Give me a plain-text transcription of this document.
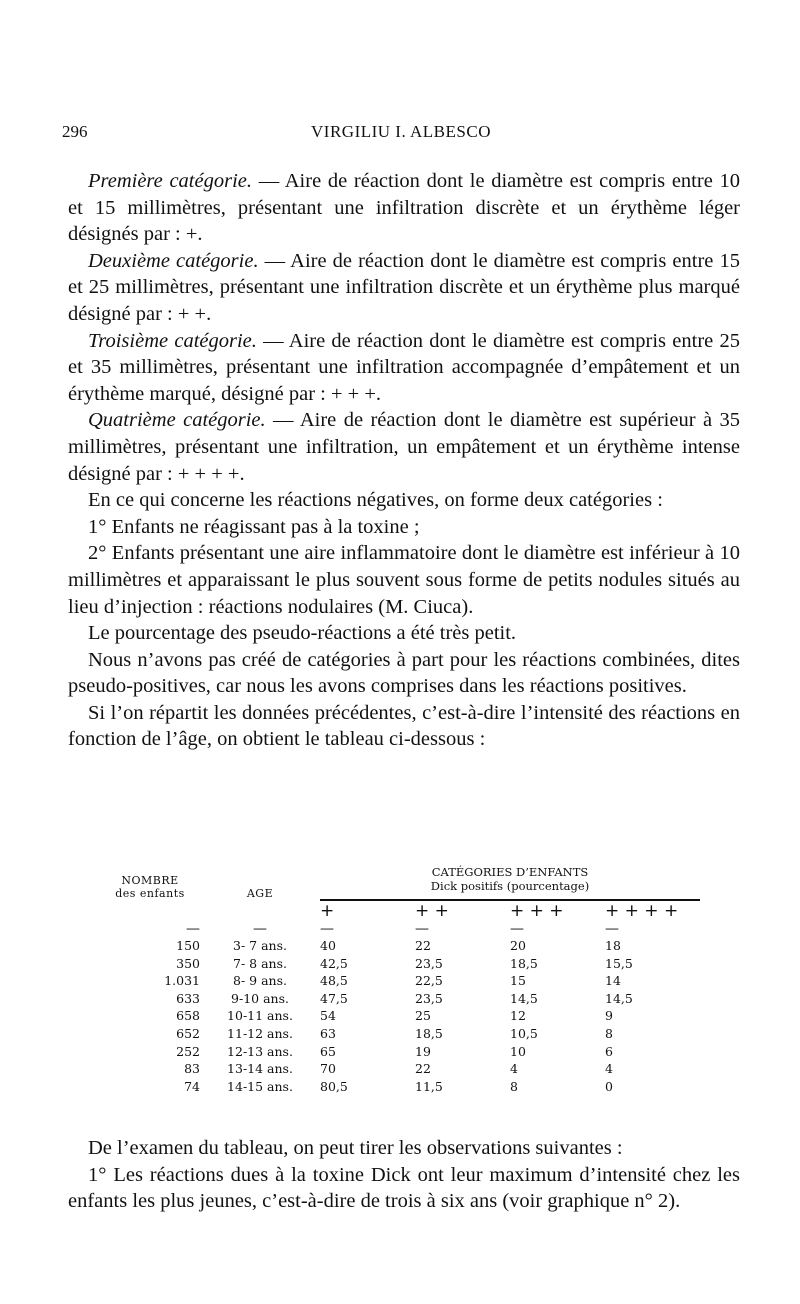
296	VIRGILIU I. ALBESCO

Première catégorie. — Aire de réaction dont le diamètre est compris entre 10 et 15 millimètres, présentant une infiltration discrète et un érythème léger désignés par : +.

Deuxième catégorie. — Aire de réaction dont le diamètre est compris entre 15 et 25 millimètres, présentant une infiltration discrète et un érythème plus marqué désigné par : + +.

Troisième catégorie. — Aire de réaction dont le diamètre est compris entre 25 et 35 millimètres, présentant une infiltration accompagnée d’empâtement et un érythème marqué, désigné par : + + +.

Quatrième catégorie. — Aire de réaction dont le diamètre est supérieur à 35 millimètres, présentant une infiltration, un empâtement et un érythème intense désigné par : + + + +.

En ce qui concerne les réactions négatives, on forme deux catégories :

1° Enfants ne réagissant pas à la toxine ;

2° Enfants présentant une aire inflammatoire dont le diamètre est inférieur à 10 millimètres et apparaissant le plus souvent sous forme de petits nodules situés au lieu d’injection : réactions nodulaires (M. Ciuca).

Le pourcentage des pseudo-réactions a été très petit.

Nous n’avons pas créé de catégories à part pour les réactions combinées, dites pseudo-positives, car nous les avons comprises dans les réactions positives.

Si l’on répartit les données précédentes, c’est-à-dire l’intensité des réactions en fonction de l’âge, on obtient le tableau ci-dessous :

NOMBRE
des enfants	AGE	CATÉGORIES D’ENFANTS			
		Dick positifs (pourcentage)			
		+	+ +	+ + +	+ + + +
—	—	—	—	—	—
150	3- 7 ans.	40	22	20	18
350	7- 8 ans.	42,5	23,5	18,5	15,5
1.031	8- 9 ans.	48,5	22,5	15	14
633	9-10 ans.	47,5	23,5	14,5	14,5
658	10-11 ans.	54	25	12	9
652	11-12 ans.	63	18,5	10,5	8
252	12-13 ans.	65	19	10	6
83	13-14 ans.	70	22	4	4
74	14-15 ans.	80,5	11,5	8	0

De l’examen du tableau, on peut tirer les observations suivantes :

1° Les réactions dues à la toxine Dick ont leur maximum d’intensité chez les enfants les plus jeunes, c’est-à-dire de trois à six ans (voir graphique n° 2).
